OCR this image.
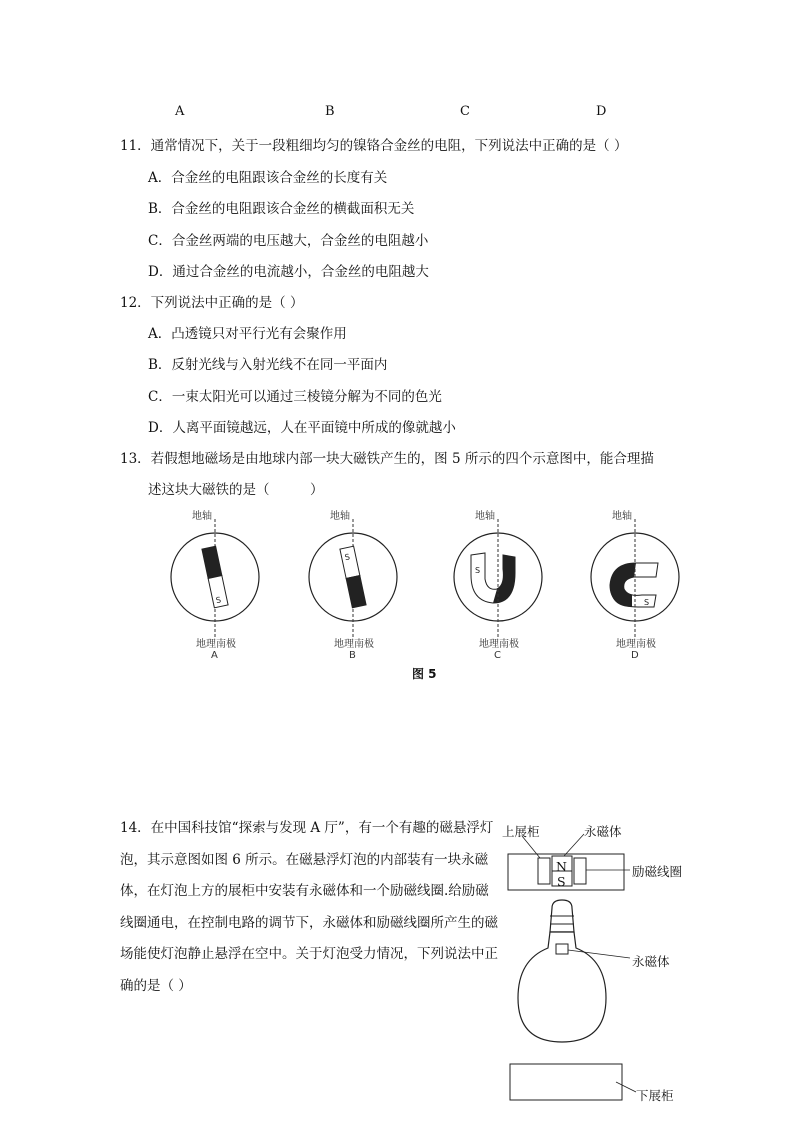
A	B	C	D
11．通常情况下，关于一段粗细均匀的镍铬合金丝的电阻，下列说法中正确的是（ ）
A．合金丝的电阻跟该合金丝的长度有关
B．合金丝的电阻跟该合金丝的横截面积无关
C．合金丝两端的电压越大，合金丝的电阻越小
D．通过合金丝的电流越小，合金丝的电阻越大
12．下列说法中正确的是（ ）
A．凸透镜只对平行光有会聚作用
B．反射光线与入射光线不在同一平面内
C．一束太阳光可以通过三棱镜分解为不同的色光
D．人离平面镜越远，人在平面镜中所成的像就越小
13．若假想地磁场是由地球内部一块大磁铁产生的，图 5 所示的四个示意图中，能合理描
述这块大磁铁的是（　　　）
地轴
S
地理南极
A
地轴
S
地理南极
B
地轴
S
地理南极
C
地轴
S
地理南极
D
图 5
14．在中国科技馆“探索与发现 A 厅”，有一个有趣的磁悬浮灯泡，其示意图如图 6 所示。在磁悬浮灯泡的内部装有一块永磁体，在灯泡上方的展柜中安装有永磁体和一个励磁线圈.给励磁线圈通电，在控制电路的调节下，永磁体和励磁线圈所产生的磁场能使灯泡静止悬浮在空中。关于灯泡受力情况，下列说法中正确的是（ ）
N
S
上展柜	永磁体
励磁线圈
永磁体
下展柜
